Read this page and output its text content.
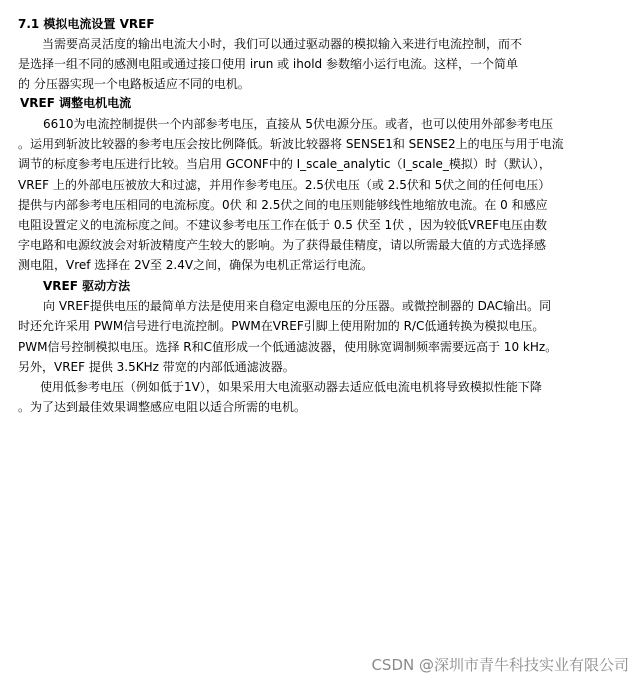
7.1 模拟电流设置 VREF
当需要高灵活度的输出电流大小时，我们可以通过驱动器的模拟输入来进行电流控制，而不
是选择一组不同的感测电阻或通过接口使用 irun 或 ihold 参数缩小运行电流。这样，一个简单
的 分压器实现一个电路板适应不同的电机。
VREF 调整电机电流
6610为电流控制提供一个内部参考电压，直接从 5伏电源分压。或者，也可以使用外部参考电压
。运用到斩波比较器的参考电压会按比例降低。斩波比较器将 SENSE1和 SENSE2上的电压与用于电流
调节的标度参考电压进行比较。当启用 GCONF中的 I_scale_analytic（I_scale_模拟）时（默认），
VREF 上的外部电压被放大和过滤，并用作参考电压。2.5伏电压（或 2.5伏和 5伏之间的任何电压）
提供与内部参考电压相同的电流标度。0伏 和 2.5伏之间的电压则能够线性地缩放电流。在 0 和感应
电阻设置定义的电流标度之间。不建议参考电压工作在低于 0.5 伏至 1伏 ，因为较低VREF电压由数
字电路和电源纹波会对斩波精度产生较大的影响。为了获得最佳精度，请以所需最大值的方式选择感
测电阻，Vref 选择在 2V至 2.4V之间，确保为电机正常运行电流。
VREF 驱动方法
向 VREF提供电压的最简单方法是使用来自稳定电源电压的分压器。或微控制器的 DAC输出。同
时还允许采用 PWM信号进行电流控制。PWM在VREF引脚上使用附加的 R/C低通转换为模拟电压。
PWM信号控制模拟电压。选择 R和C值形成一个低通滤波器，使用脉宽调制频率需要远高于 10 kHz。
另外，VREF 提供 3.5KHz 带宽的内部低通滤波器。
使用低参考电压（例如低于1V），如果采用大电流驱动器去适应低电流电机将导致模拟性能下降
。为了达到最佳效果调整感应电阻以适合所需的电机。
CSDN @深圳市青牛科技实业有限公司
